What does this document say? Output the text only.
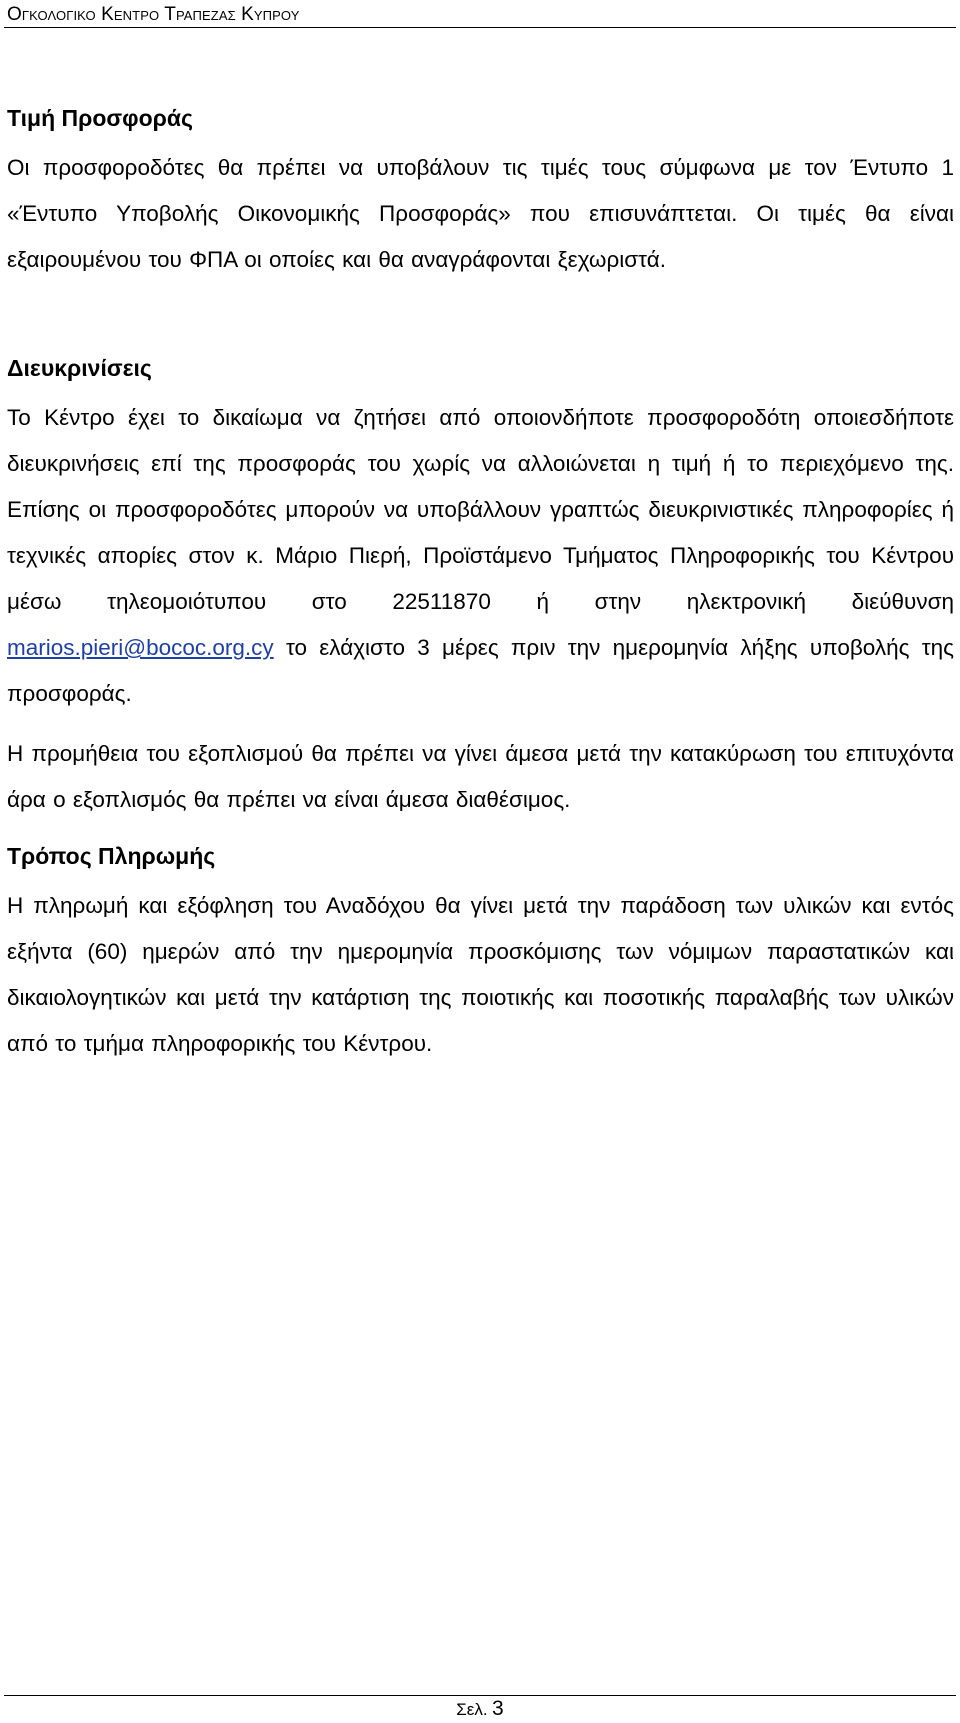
Ογκολογικο Κεντρο Τραπεζας Κυπρου
Τιμή Προσφοράς

Οι προσφοροδότες θα πρέπει να υποβάλουν τις τιμές τους σύμφωνα με τον Έντυπο 1 «Έντυπο Υποβολής Οικονομικής Προσφοράς» που επισυνάπτεται. Οι τιμές θα είναι εξαιρουμένου του ΦΠΑ οι οποίες και θα αναγράφονται ξεχωριστά.

Διευκρινίσεις

Το Κέντρο έχει το δικαίωμα να ζητήσει από οποιονδήποτε προσφοροδότη οποιεσδήποτε διευκρινήσεις επί της προσφοράς του χωρίς να αλλοιώνεται η τιμή ή το περιεχόμενο της. Επίσης οι προσφοροδότες μπορούν να υποβάλλουν γραπτώς διευκρινιστικές πληροφορίες ή τεχνικές απορίες στον κ. Μάριο Πιερή, Προϊστάμενο Τμήματος Πληροφορικής του Κέντρου μέσω τηλεομοιότυπου στο 22511870 ή στην ηλεκτρονική διεύθυνση marios.pieri@bococ.org.cy το ελάχιστο 3 μέρες πριν την ημερομηνία λήξης υποβολής της προσφοράς.

Η προμήθεια του εξοπλισμού θα πρέπει να γίνει άμεσα μετά την κατακύρωση του επιτυχόντα άρα ο εξοπλισμός θα πρέπει να είναι άμεσα διαθέσιμος.

Τρόπος Πληρωμής

Η πληρωμή και εξόφληση του Αναδόχου θα γίνει μετά την παράδοση των υλικών και εντός εξήντα (60) ημερών από την ημερομηνία προσκόμισης των νόμιμων παραστατικών και δικαιολογητικών και μετά την κατάρτιση της ποιοτικής και ποσοτικής παραλαβής των υλικών από το τμήμα πληροφορικής του Κέντρου.

Σελ. 3
